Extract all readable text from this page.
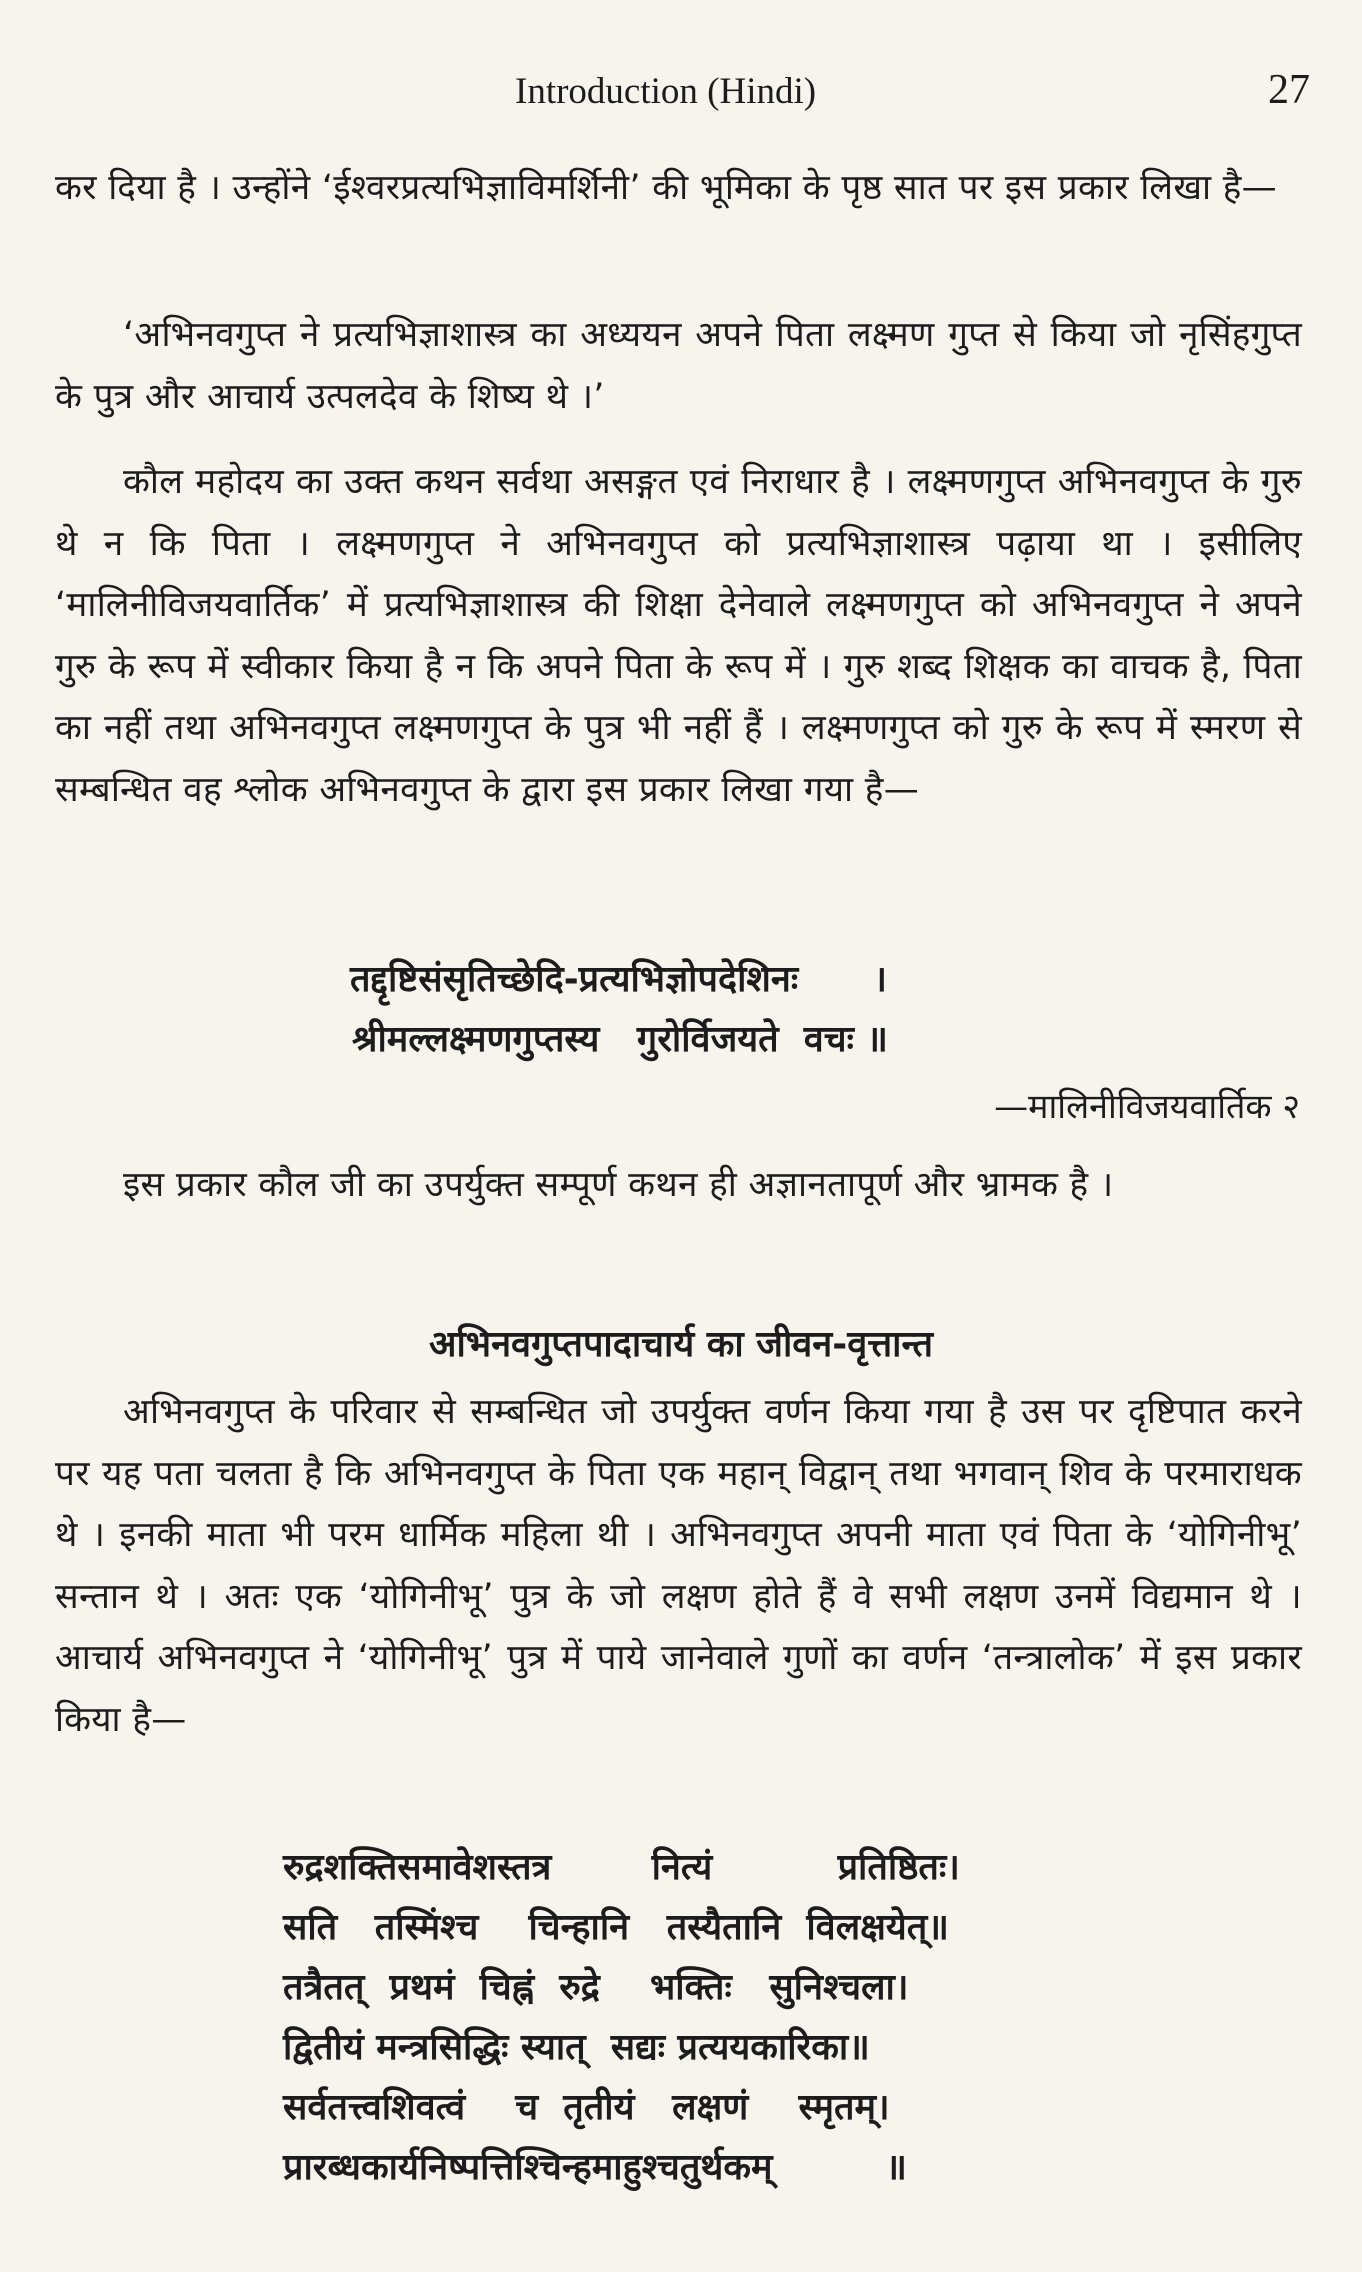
Introduction (Hindi)	27
कर दिया है । उन्होंने ‘ईश्वरप्रत्यभिज्ञाविमर्शिनी’ की भूमिका के पृष्ठ सात पर इस प्रकार लिखा है—
‘अभिनवगुप्त ने प्रत्यभिज्ञाशास्त्र का अध्ययन अपने पिता लक्ष्मण गुप्त से किया जो नृसिंहगुप्त के पुत्र और आचार्य उत्पलदेव के शिष्य थे ।’
कौल महोदय का उक्त कथन सर्वथा असङ्गत एवं निराधार है । लक्ष्मणगुप्त अभिनवगुप्त के गुरु थे न कि पिता । लक्ष्मणगुप्त ने अभिनवगुप्त को प्रत्यभिज्ञाशास्त्र पढ़ाया था । इसीलिए ‘मालिनीविजयवार्तिक’ में प्रत्यभिज्ञाशास्त्र की शिक्षा देनेवाले लक्ष्मणगुप्त को अभिनवगुप्त ने अपने गुरु के रूप में स्वीकार किया है न कि अपने पिता के रूप में । गुरु शब्द शिक्षक का वाचक है, पिता का नहीं तथा अभिनवगुप्त लक्ष्मणगुप्त के पुत्र भी नहीं हैं । लक्ष्मणगुप्त को गुरु के रूप में स्मरण से सम्बन्धित वह श्लोक अभिनवगुप्त के द्वारा इस प्रकार लिखा गया है—
तद्दृष्टिसंसृतिच्छेदि-प्रत्यभिज्ञोपदेशिनः      ।
श्रीमल्लक्ष्मणगुप्तस्य   गुरोर्विजयते  वचः ॥
—मालिनीविजयवार्तिक २
इस प्रकार कौल जी का उपर्युक्त सम्पूर्ण कथन ही अज्ञानतापूर्ण और भ्रामक है ।
अभिनवगुप्तपादाचार्य का जीवन-वृत्तान्त
अभिनवगुप्त के परिवार से सम्बन्धित जो उपर्युक्त वर्णन किया गया है उस पर दृष्टिपात करने पर यह पता चलता है कि अभिनवगुप्त के पिता एक महान् विद्वान् तथा भगवान् शिव के परमाराधक थे । इनकी माता भी परम धार्मिक महिला थी । अभिनवगुप्त अपनी माता एवं पिता के ‘योगिनीभू’ सन्तान थे । अतः एक ‘योगिनीभू’ पुत्र के जो लक्षण होते हैं वे सभी लक्षण उनमें विद्यमान थे । आचार्य अभिनवगुप्त ने ‘योगिनीभू’ पुत्र में पाये जानेवाले गुणों का वर्णन ‘तन्त्रालोक’ में इस प्रकार किया है—
रुद्रशक्तिसमावेशस्तत्र        नित्यं          प्रतिष्ठितः।
सति   तस्मिंश्च    चिन्हानि   तस्यैतानि  विलक्षयेत्॥
तत्रैतत्  प्रथमं  चिह्नं  रुद्रे    भक्तिः   सुनिश्चला।
द्वितीयं मन्त्रसिद्धिः स्यात्  सद्यः प्रत्ययकारिका॥
सर्वतत्त्वशिवत्वं    च  तृतीयं   लक्षणं    स्मृतम्।
प्रारब्धकार्यनिष्पत्तिश्चिन्हमाहुश्चतुर्थकम्         ॥
